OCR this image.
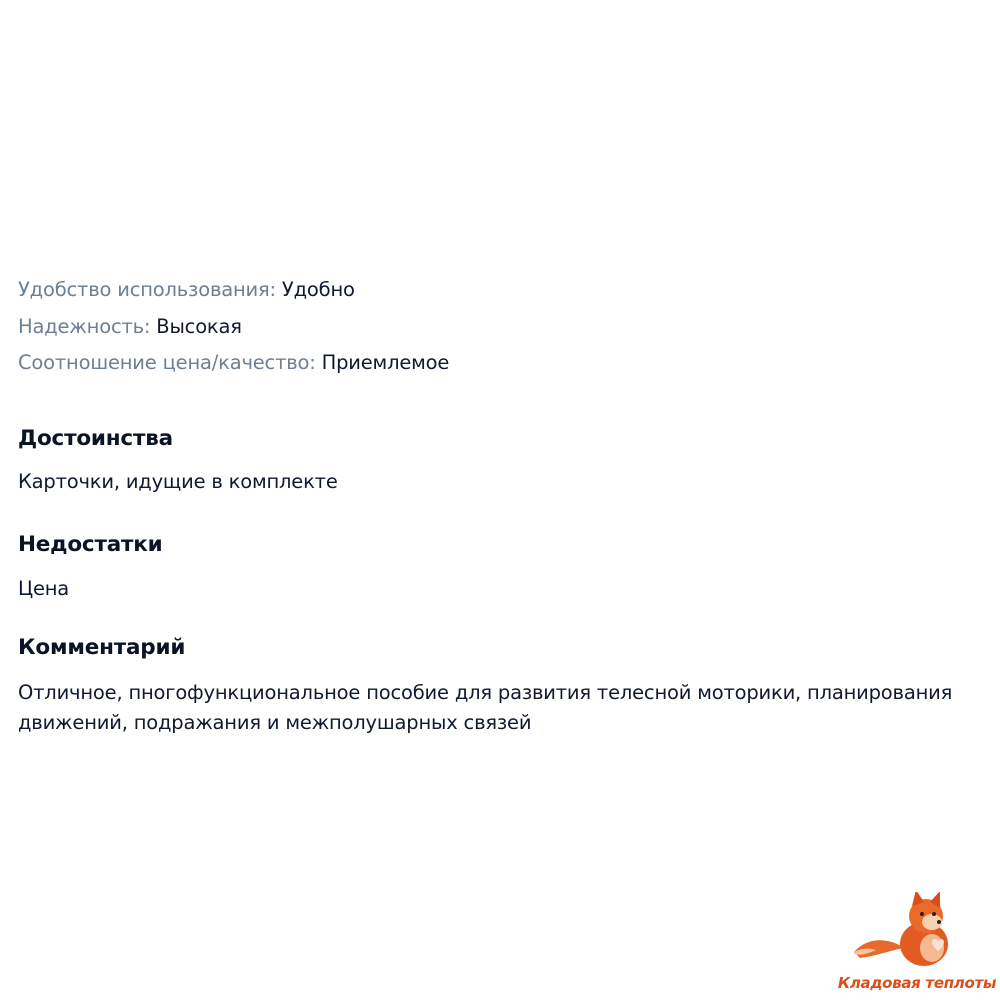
Удобство использования: Удобно
Надежность: Высокая
Соотношение цена/качество: Приемлемое
Достоинства

Карточки, идущие в комплекте

Недостатки

Цена

Комментарий

Отличное, пногофункциональное пособие для развития телесной моторики, планирования движений, подражания и межполушарных связей

Кладовая теплоты
